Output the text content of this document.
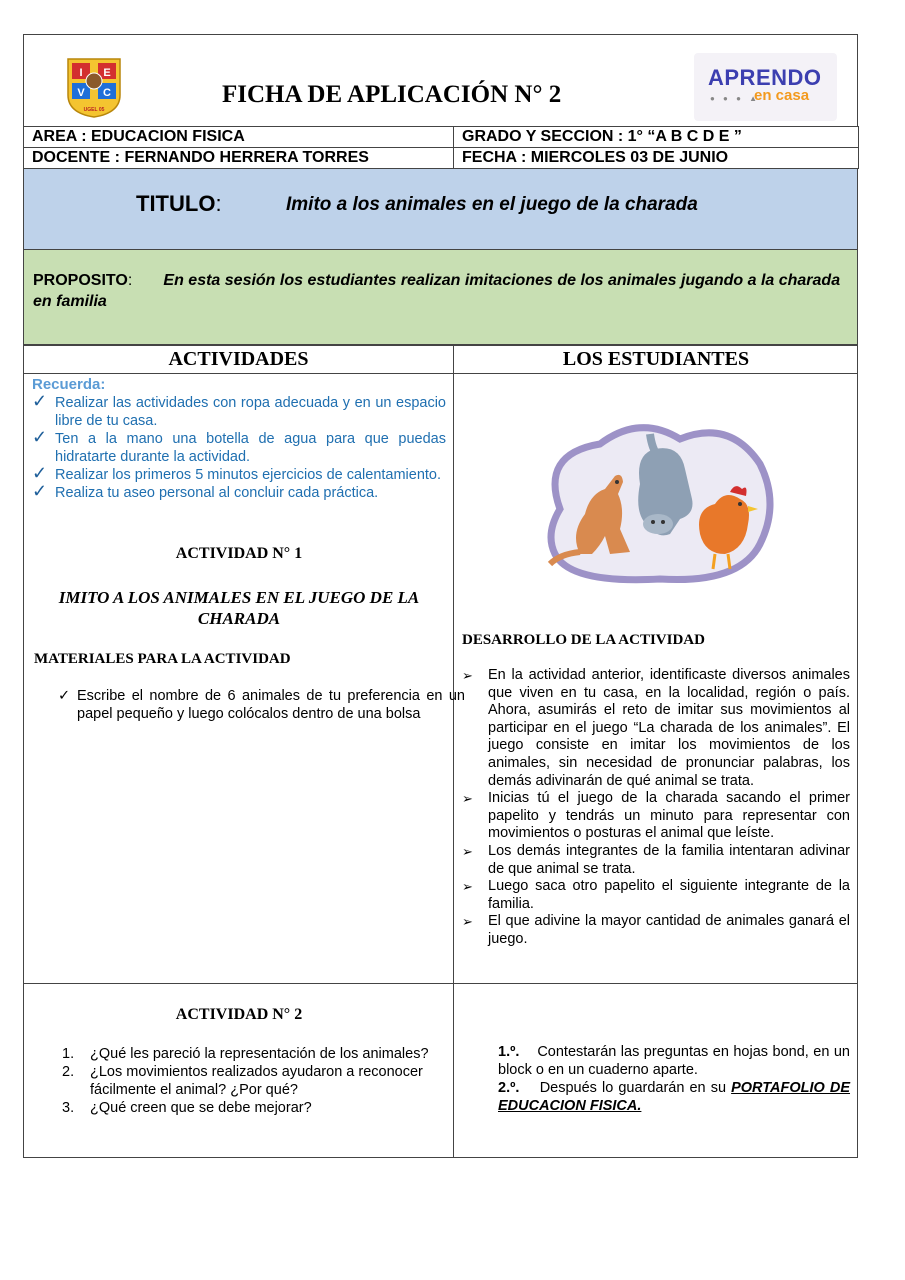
I E
V C
UGEL 05
FICHA DE APLICACIÓN N° 2
APRENDO
● ● ● ▲
en casa
AREA : EDUCACION FISICA	GRADO Y SECCION : 1° “A B C D E ”
DOCENTE : FERNANDO HERRERA TORRES	FECHA : MIERCOLES 03 DE JUNIO
TITULO:	Imito a los animales en el juego de la charada
PROPOSITO:       En esta sesión los estudiantes realizan imitaciones de los animales jugando a la charada en familia
ACTIVIDADES	LOS ESTUDIANTES
Recuerda:
✓ Realizar las actividades con ropa adecuada y en un espacio libre de tu casa.
✓ Ten a la mano una botella de agua para que puedas hidratarte durante la actividad.
✓ Realizar los primeros 5 minutos ejercicios de calentamiento.
✓ Realiza tu aseo personal al concluir cada práctica.
ACTIVIDAD N° 1
IMITO A LOS ANIMALES EN EL JUEGO DE LA CHARADA
MATERIALES PARA LA ACTIVIDAD
✓ Escribe el nombre de 6 animales de tu preferencia en un papel pequeño y luego colócalos dentro de una bolsa
DESARROLLO DE LA ACTIVIDAD
➢ En la actividad anterior, identificaste diversos animales que viven en tu casa, en la localidad, región o país. Ahora, asumirás el reto de imitar sus movimientos al participar en el juego “La charada de los animales”. El juego consiste en imitar los movimientos de los animales, sin necesidad de pronunciar palabras, los demás adivinarán de qué animal se trata.
➢ Inicias tú el juego de la charada sacando el primer papelito y tendrás un minuto para representar con movimientos o posturas el animal que leíste.
➢ Los demás integrantes de la familia intentaran adivinar de que animal se trata.
➢ Luego saca otro papelito el siguiente integrante de la familia.
➢ El que adivine la mayor cantidad de animales ganará el juego.
ACTIVIDAD N° 2
1. ¿Qué les pareció la representación de los animales?
2. ¿Los movimientos realizados ayudaron a reconocer fácilmente el animal? ¿Por qué?
3. ¿Qué creen que se debe mejorar?
1.º. Contestarán las preguntas en hojas bond, en un block o en un cuaderno aparte.
2.º. Después lo guardarán en su PORTAFOLIO DE EDUCACION FISICA.
